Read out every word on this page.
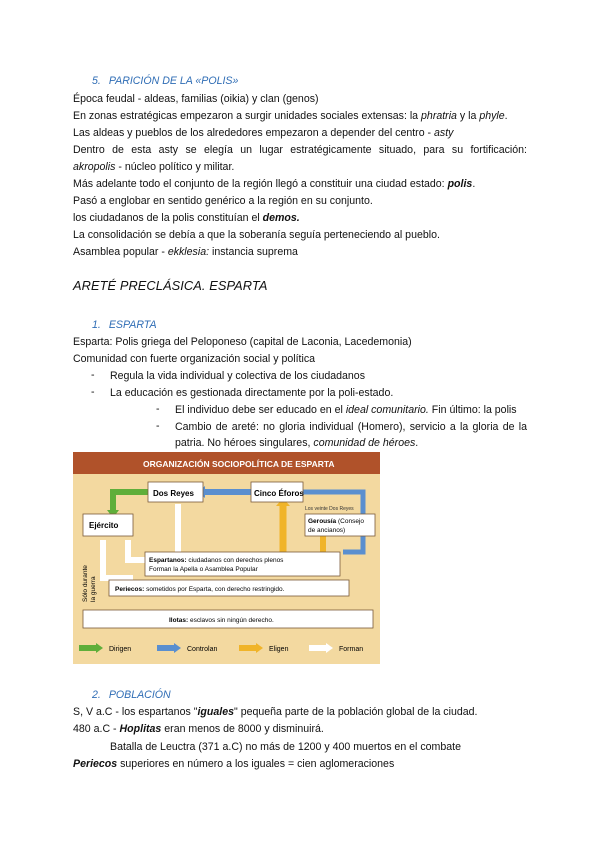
5. PARICIÓN DE LA «POLIS»
Época feudal - aldeas, familias (oikia) y clan (genos)
En zonas estratégicas empezaron a surgir unidades sociales extensas: la phratria y la phyle.
Las aldeas y pueblos de los alrededores empezaron a depender del centro - asty
Dentro de esta asty se elegía un lugar estratégicamente situado, para su fortificación:
akropolis - núcleo político y militar.
Más adelante todo el conjunto de la región llegó a constituir una ciudad estado: polis.
Pasó a englobar en sentido genérico a la región en su conjunto.
los ciudadanos de la polis constituían el demos.
La consolidación se debía a que la soberanía seguía perteneciendo al pueblo.
Asamblea popular - ekklesia: instancia suprema
ARETÉ PRECLÁSICA. ESPARTA
1. ESPARTA
Esparta: Polis griega del Peloponeso (capital de Laconia, Lacedemonia)
Comunidad con fuerte organización social y política
- Regula la vida individual y colectiva de los ciudadanos
- La educación es gestionada directamente por la poli-estado.
- El individuo debe ser educado en el ideal comunitario. Fin último: la polis
- Cambio de areté: no gloria individual (Homero), servicio a la gloria de la
patria. No héroes singulares, comunidad de héroes.
ORGANIZACIÓN SOCIOPOLÍTICA DE ESPARTA
Dos Reyes	Cinco Éforos
Ejército
Los veinte Dos Reyes
Gerousía (Consejo
de ancianos)
Espartanos: ciudadanos con derechos plenos
Forman la Apella o Asamblea Popular
Sólo durante la guerra	Periecos: sometidos por Esparta, con derecho restringido.
Ilotas: esclavos sin ningún derecho.
Dirigen	Controlan	Eligen	Forman
2. POBLACIÓN
S, V a.C - los espartanos "iguales" pequeña parte de la población global de la ciudad.
480 a.C - Hoplitas eran menos de 8000 y disminuirá.
Batalla de Leuctra (371 a.C) no más de 1200 y 400 muertos en el combate
Periecos superiores en número a los iguales = cien aglomeraciones
